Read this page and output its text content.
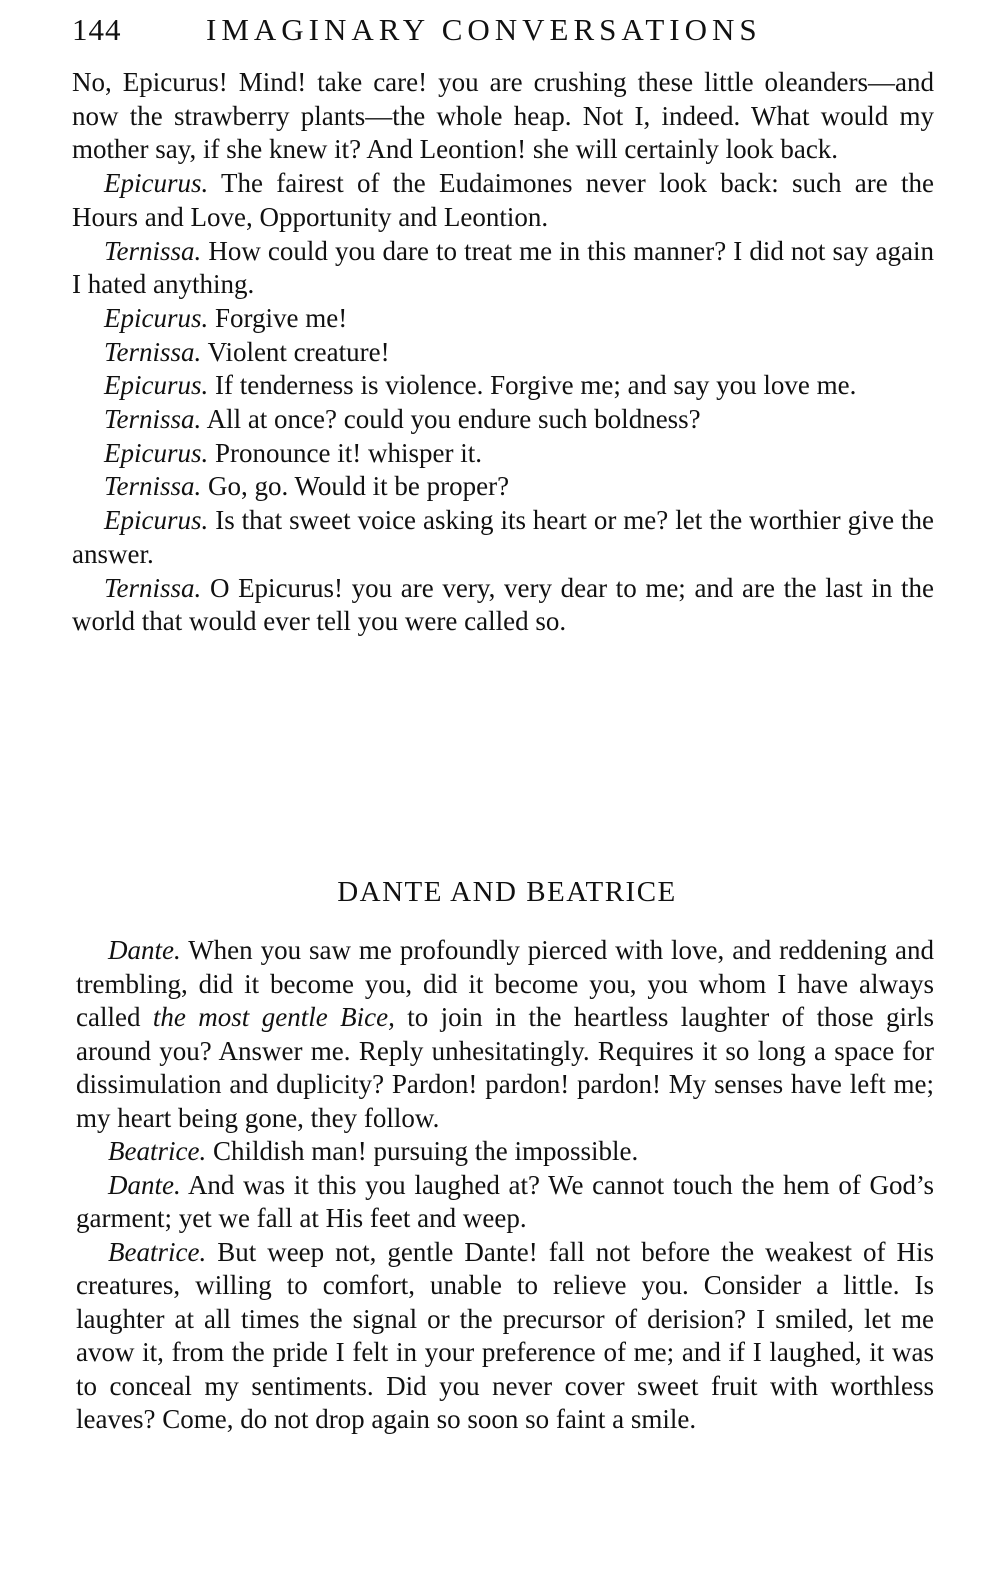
144	IMAGINARY CONVERSATIONS

No, Epicurus! Mind! take care! you are crushing these little oleanders—and now the strawberry plants—the whole heap. Not I, indeed. What would my mother say, if she knew it? And Leontion! she will certainly look back.

Epicurus. The fairest of the Eudaimones never look back: such are the Hours and Love, Opportunity and Leontion.

Ternissa. How could you dare to treat me in this manner? I did not say again I hated anything.

Epicurus. Forgive me!

Ternissa. Violent creature!

Epicurus. If tenderness is violence. Forgive me; and say you love me.

Ternissa. All at once? could you endure such boldness?

Epicurus. Pronounce it! whisper it.

Ternissa. Go, go. Would it be proper?

Epicurus. Is that sweet voice asking its heart or me? let the worthier give the answer.

Ternissa. O Epicurus! you are very, very dear to me; and are the last in the world that would ever tell you were called so.

DANTE AND BEATRICE

Dante. When you saw me profoundly pierced with love, and reddening and trembling, did it become you, did it become you, you whom I have always called the most gentle Bice, to join in the heartless laughter of those girls around you? Answer me. Reply unhesitatingly. Requires it so long a space for dissimulation and duplicity? Pardon! pardon! pardon! My senses have left me; my heart being gone, they follow.

Beatrice. Childish man! pursuing the impossible.

Dante. And was it this you laughed at? We cannot touch the hem of God’s garment; yet we fall at His feet and weep.

Beatrice. But weep not, gentle Dante! fall not before the weakest of His creatures, willing to comfort, unable to relieve you. Consider a little. Is laughter at all times the signal or the precursor of derision? I smiled, let me avow it, from the pride I felt in your preference of me; and if I laughed, it was to conceal my sentiments. Did you never cover sweet fruit with worthless leaves? Come, do not drop again so soon so faint a smile.
